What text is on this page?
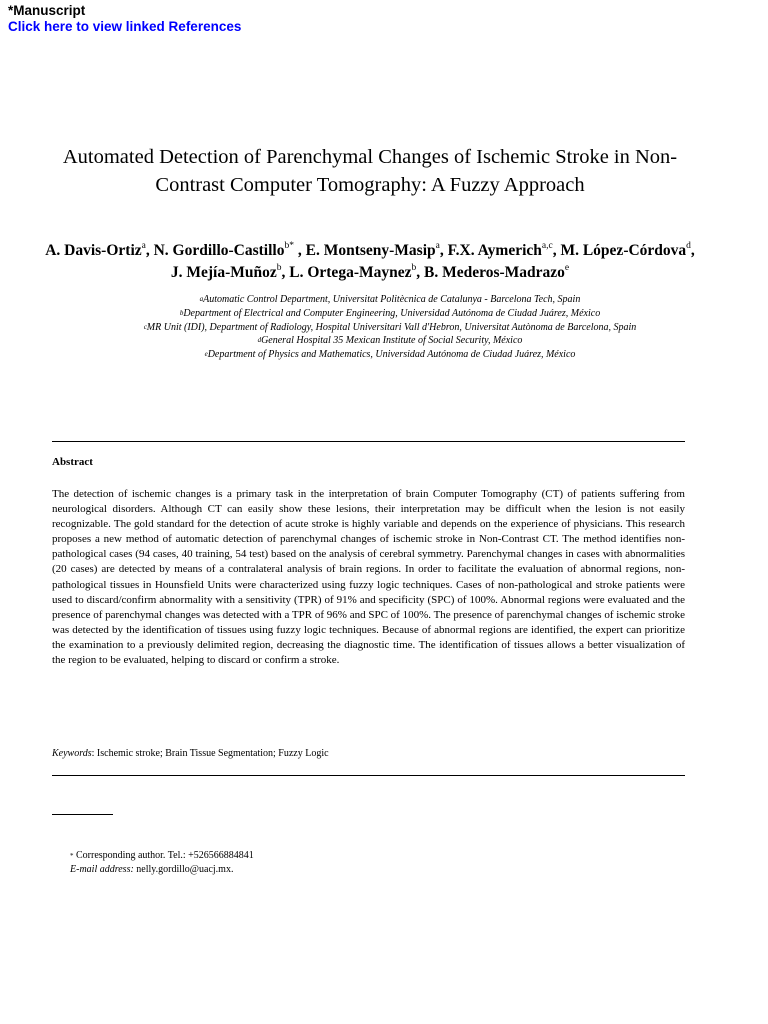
*Manuscript
Click here to view linked References
Automated Detection of Parenchymal Changes of Ischemic Stroke in Non-Contrast Computer Tomography: A Fuzzy Approach
A. Davis-Ortiz$^a$, N. Gordillo-Castillo$^{b*}$ , E. Montseny-Masip$^a$, F.X. Aymerich$^{a,c}$, M. López-Córdova$^d$, J. Mejía-Muñoz$^b$, L. Ortega-Maynez$^b$, B. Mederos-Madrazo$^e$
$^a$Automatic Control Department, Universitat Politècnica de Catalunya - Barcelona Tech, Spain
$^b$Department of Electrical and Computer Engineering, Universidad Autónoma de Ciudad Juárez, México
$^c$MR Unit (IDI), Department of Radiology, Hospital Universitari Vall d'Hebron, Universitat Autònoma de Barcelona, Spain
$^d$General Hospital 35 Mexican Institute of Social Security, México
$^e$Department of Physics and Mathematics, Universidad Autónoma de Ciudad Juárez, México
Abstract
The detection of ischemic changes is a primary task in the interpretation of brain Computer Tomography (CT) of patients suffering from neurological disorders. Although CT can easily show these lesions, their interpretation may be difficult when the lesion is not easily recognizable. The gold standard for the detection of acute stroke is highly variable and depends on the experience of physicians. This research proposes a new method of automatic detection of parenchymal changes of ischemic stroke in Non-Contrast CT. The method identifies non-pathological cases (94 cases, 40 training, 54 test) based on the analysis of cerebral symmetry. Parenchymal changes in cases with abnormalities (20 cases) are detected by means of a contralateral analysis of brain regions. In order to facilitate the evaluation of abnormal regions, non-pathological tissues in Hounsfield Units were characterized using fuzzy logic techniques. Cases of non-pathological and stroke patients were used to discard/confirm abnormality with a sensitivity (TPR) of 91% and specificity (SPC) of 100%. Abnormal regions were evaluated and the presence of parenchymal changes was detected with a TPR of 96% and SPC of 100%. The presence of parenchymal changes of ischemic stroke was detected by the identification of tissues using fuzzy logic techniques. Because of abnormal regions are identified, the expert can prioritize the examination to a previously delimited region, decreasing the diagnostic time. The identification of tissues allows a better visualization of the region to be evaluated, helping to discard or confirm a stroke.
Keywords: Ischemic stroke; Brain Tissue Segmentation; Fuzzy Logic
* Corresponding author. Tel.: +526566884841
E-mail address: nelly.gordillo@uacj.mx.
